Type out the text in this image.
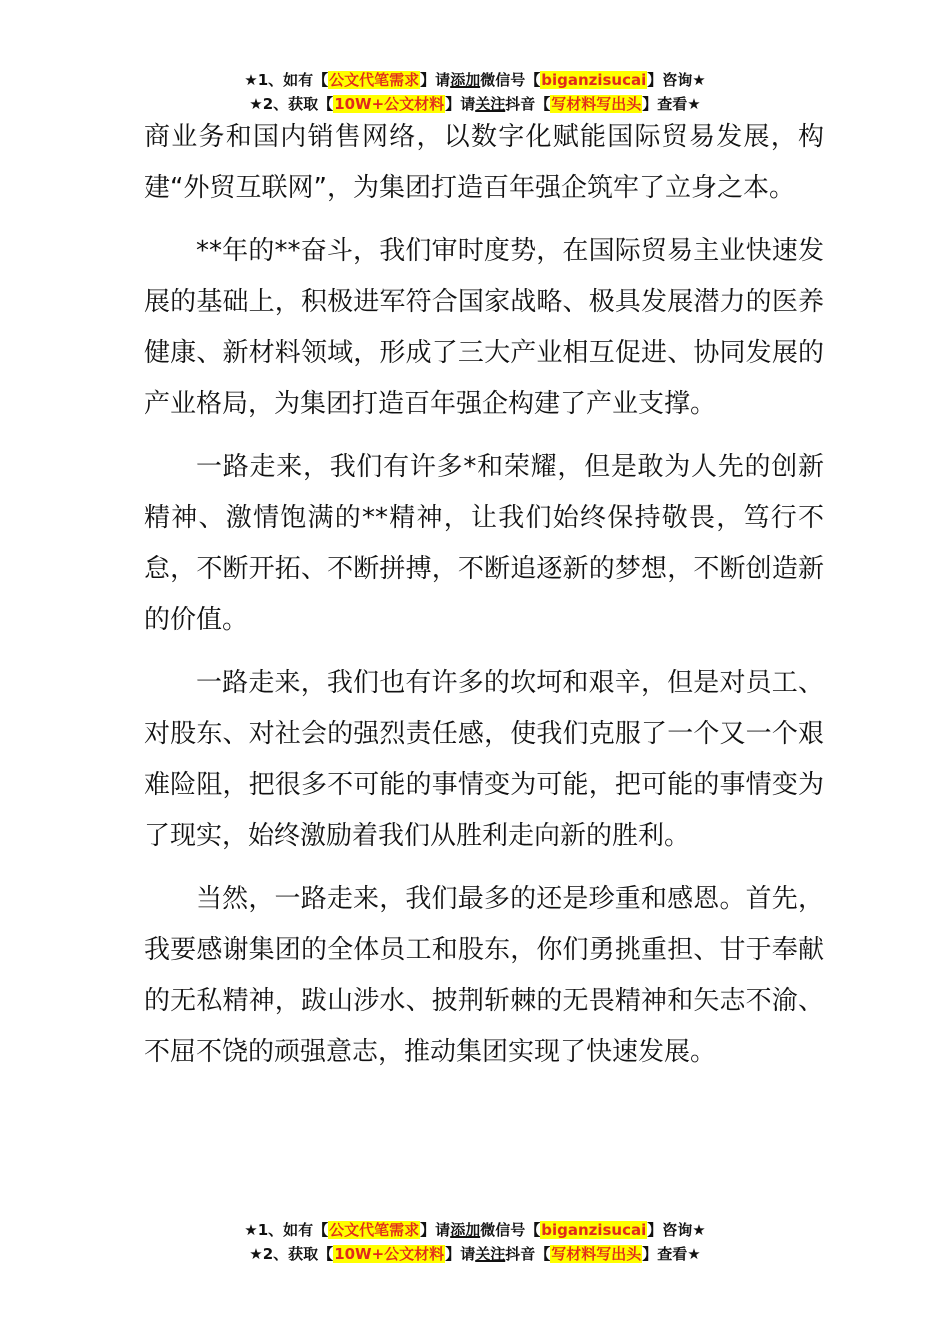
★1、如有【公文代笔需求】请添加微信号【biganzisucai】咨询★
★2、获取【10W+公文材料】请关注抖音【写材料写出头】查看★

商业务和国内销售网络，以数字化赋能国际贸易发展，构建“外贸互联网”，为集团打造百年强企筑牢了立身之本。

**年的**奋斗，我们审时度势，在国际贸易主业快速发展的基础上，积极进军符合国家战略、极具发展潜力的医养健康、新材料领域，形成了三大产业相互促进、协同发展的产业格局，为集团打造百年强企构建了产业支撑。

一路走来，我们有许多*和荣耀，但是敢为人先的创新精神、激情饱满的**精神，让我们始终保持敬畏，笃行不怠，不断开拓、不断拼搏，不断追逐新的梦想，不断创造新的价值。

一路走来，我们也有许多的坎坷和艰辛，但是对员工、对股东、对社会的强烈责任感，使我们克服了一个又一个艰难险阻，把很多不可能的事情变为可能，把可能的事情变为了现实，始终激励着我们从胜利走向新的胜利。

当然，一路走来，我们最多的还是珍重和感恩。首先，我要感谢集团的全体员工和股东，你们勇挑重担、甘于奉献的无私精神，跋山涉水、披荆斩棘的无畏精神和矢志不渝、不屈不饶的顽强意志，推动集团实现了快速发展。

★1、如有【公文代笔需求】请添加微信号【biganzisucai】咨询★
★2、获取【10W+公文材料】请关注抖音【写材料写出头】查看★
